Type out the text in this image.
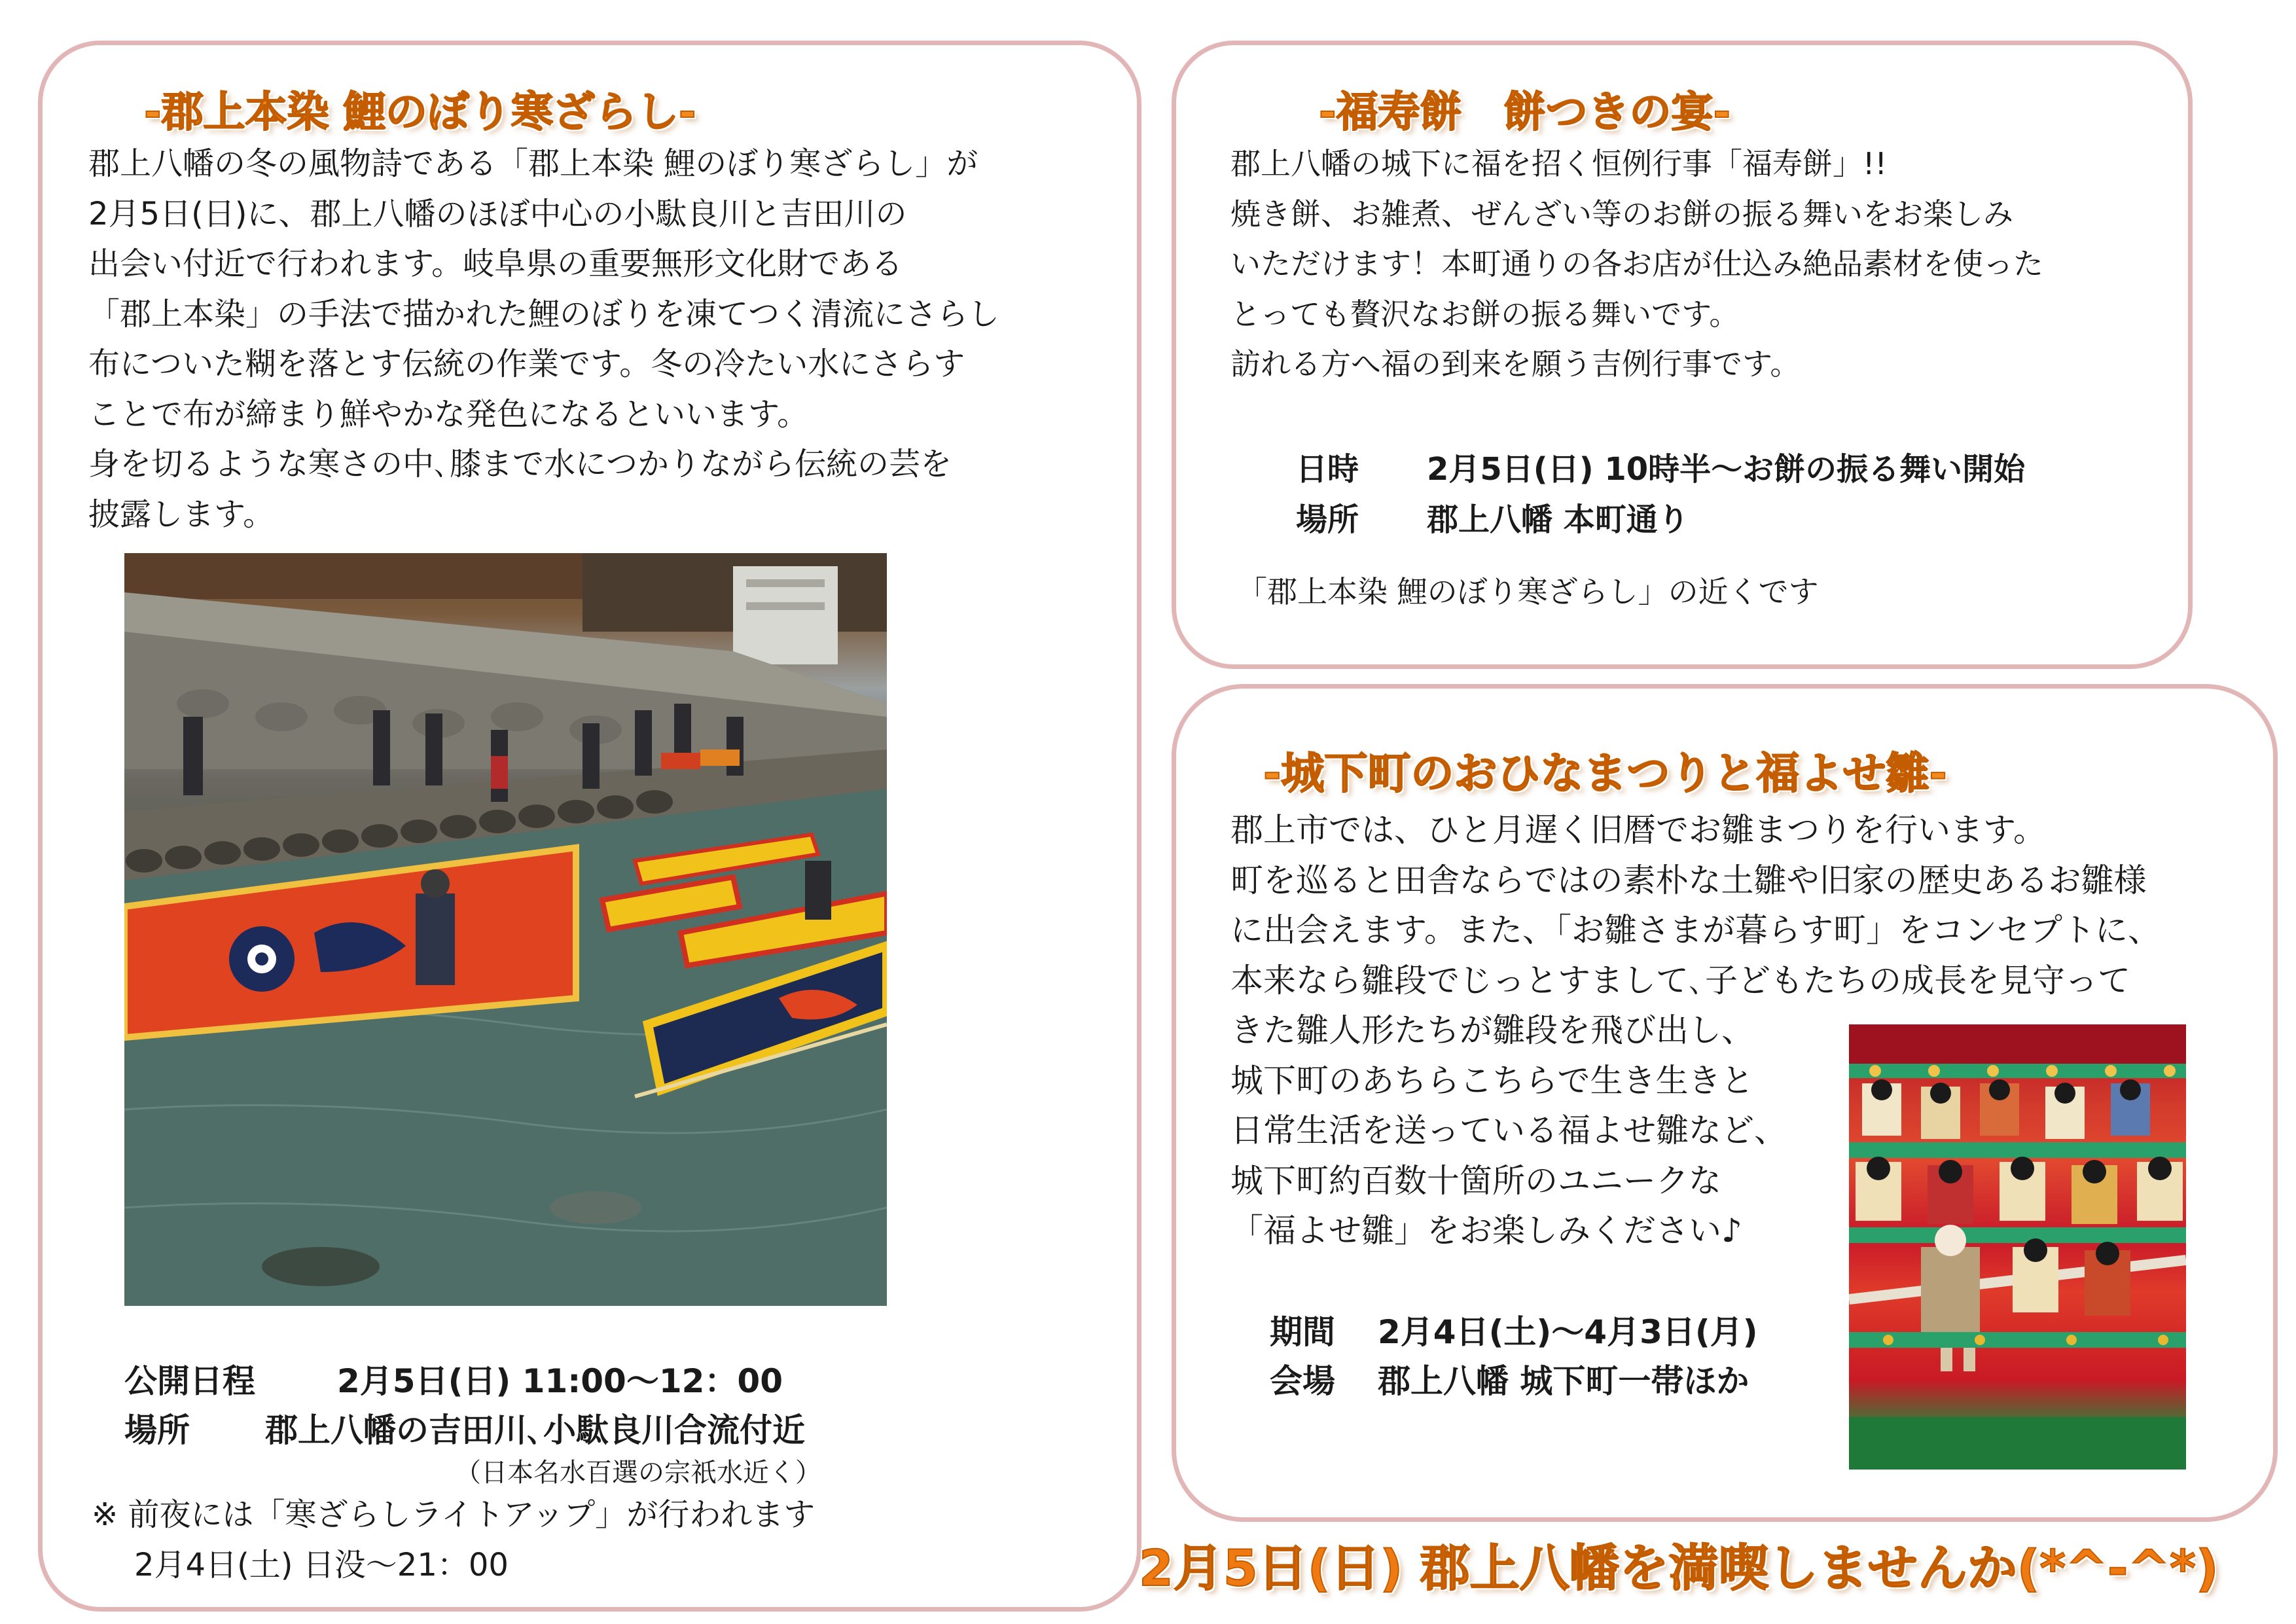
-郡上本染 鯉のぼり寒ざらし-
郡上八幡の冬の風物詩である「郡上本染 鯉のぼり寒ざらし」が
2月5日(日)に、郡上八幡のほぼ中心の小駄良川と吉田川の
出会い付近で行われます。岐阜県の重要無形文化財である
「郡上本染」の手法で描かれた鯉のぼりを凍てつく清流にさらし
布についた糊を落とす伝統の作業です。冬の冷たい水にさらす
ことで布が締まり鮮やかな発色になるといいます。
身を切るような寒さの中､膝まで水につかりながら伝統の芸を
披露します。
公開日程	2月5日(日) 11:00～12：00
場所 郡上八幡の吉田川､小駄良川合流付近
（日本名水百選の宗祇水近く）
※ 前夜には「寒ざらしライトアップ」が行われます
2月4日(土) 日没～21：00
-福寿餅　餅つきの宴-
郡上八幡の城下に福を招く恒例行事「福寿餅」!!
焼き餅、お雑煮、ぜんざい等のお餅の振る舞いをお楽しみ
いただけます！本町通りの各お店が仕込み絶品素材を使った
とっても贅沢なお餅の振る舞いです。
訪れる方へ福の到来を願う吉例行事です。
日時 2月5日(日) 10時半～お餅の振る舞い開始
場所 郡上八幡 本町通り
「郡上本染 鯉のぼり寒ざらし」の近くです
-城下町のおひなまつりと福よせ雛-
郡上市では、ひと月遅く旧暦でお雛まつりを行います。
町を巡ると田舎ならではの素朴な土雛や旧家の歴史あるお雛様
に出会えます。また、「お雛さまが暮らす町」をコンセプトに、
本来なら雛段でじっとすまして､子どもたちの成長を見守って
きた雛人形たちが雛段を飛び出し、
城下町のあちらこちらで生き生きと
日常生活を送っている福よせ雛など、
城下町約百数十箇所のユニークな
「福よせ雛」をお楽しみください♪
期間 2月4日(土)～4月3日(月)
会場 郡上八幡 城下町一帯ほか
2月5日(日) 郡上八幡を満喫しませんか(*^-^*)
